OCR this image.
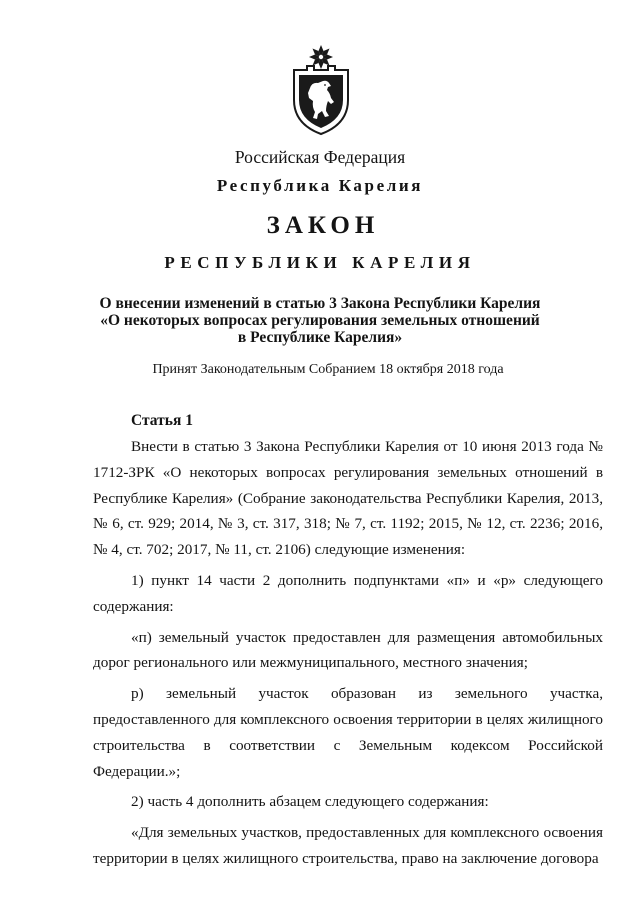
Российская Федерация
Республика Карелия
ЗАКОН
РЕСПУБЛИКИ КАРЕЛИЯ
О внесении изменений в статью 3 Закона Республики Карелия
«О некоторых вопросах регулирования земельных отношений
в Республике Карелия»
Принят Законодательным Собранием 18 октября 2018 года
Статья 1

Внести в статью 3 Закона Республики Карелия от 10 июня 2013 года № 1712-ЗРК «О некоторых вопросах регулирования земельных отношений в Республике Карелия» (Собрание законодательства Республики Карелия, 2013, № 6, ст. 929; 2014, № 3, ст. 317, 318; № 7, ст. 1192; 2015, № 12, ст. 2236; 2016, № 4, ст. 702; 2017, № 11, ст. 2106) следующие изменения:

1) пункт 14 части 2 дополнить подпунктами «п» и «р» следующего содержания:

«п) земельный участок предоставлен для размещения автомобильных дорог регионального или межмуниципального, местного значения;

р) земельный участок образован из земельного участка, предоставленного для комплексного освоения территории в целях жилищного строительства в соответствии с Земельным кодексом Российской Федерации.»;

2) часть 4 дополнить абзацем следующего содержания:

«Для земельных участков, предоставленных для комплексного освоения территории в целях жилищного строительства, право на заключение договора
